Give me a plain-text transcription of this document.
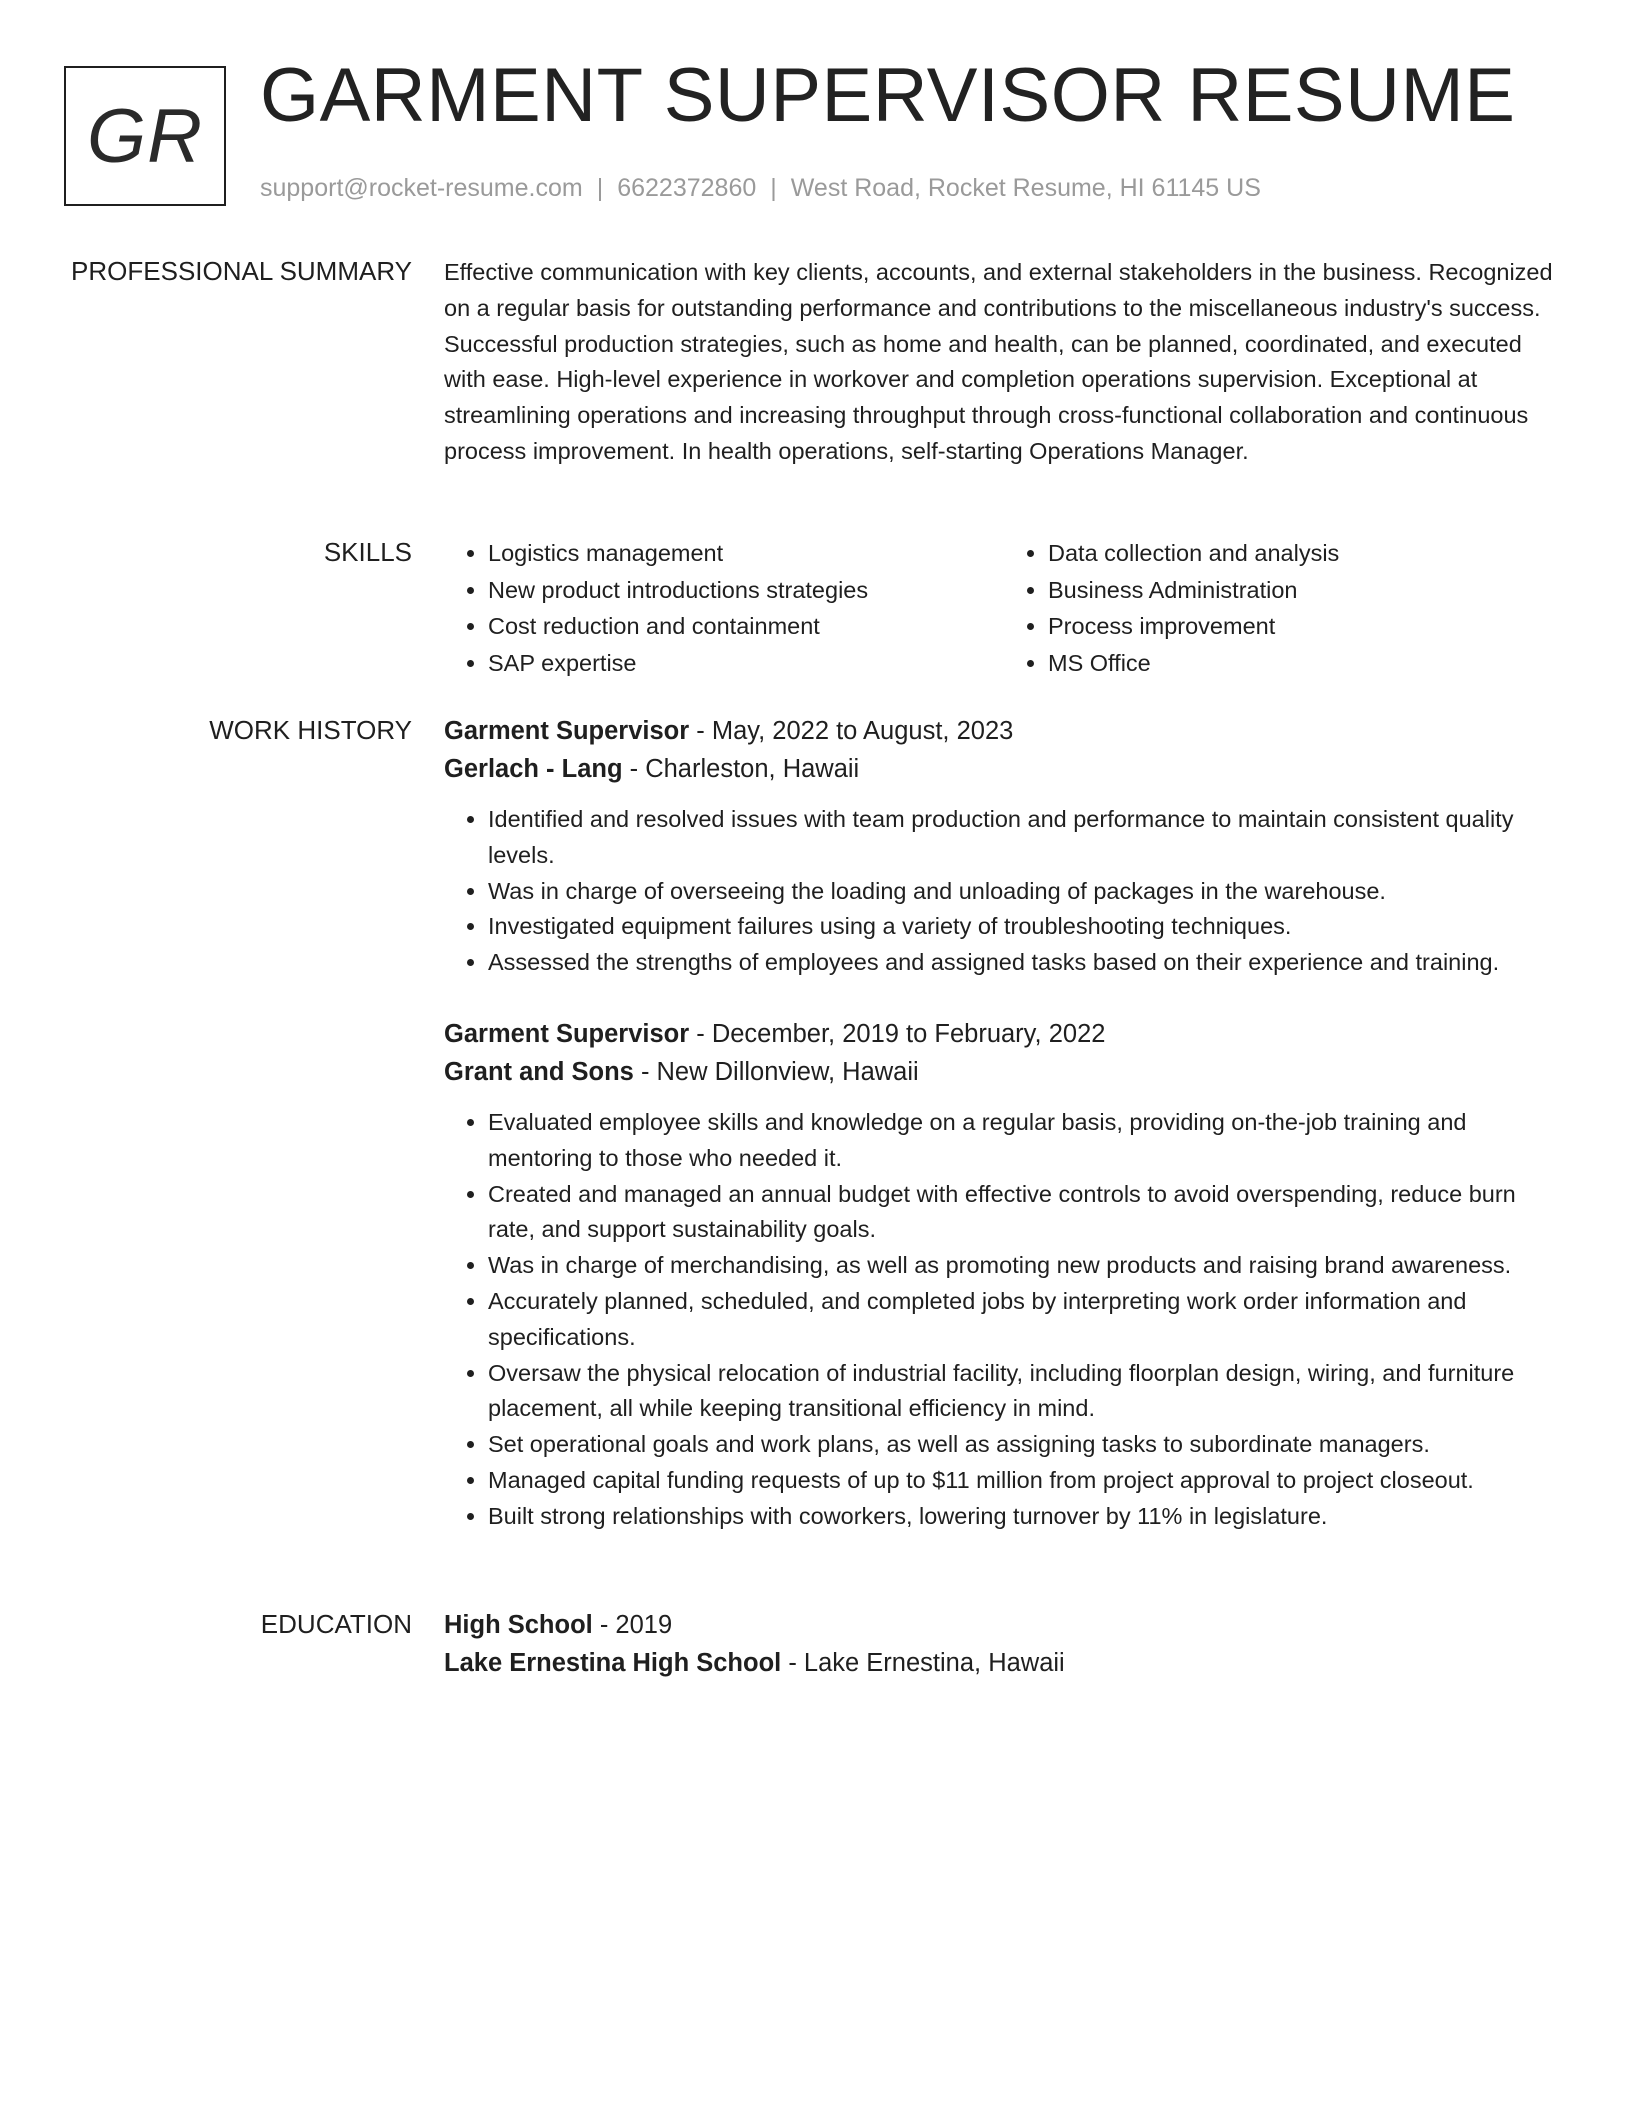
GR GARMENT SUPERVISOR RESUME
support@rocket-resume.com | 6622372860 | West Road, Rocket Resume, HI 61145 US
PROFESSIONAL SUMMARY Effective communication with key clients, accounts, and external stakeholders in the business. Recognized on a regular basis for outstanding performance and contributions to the miscellaneous industry's success. Successful production strategies, such as home and health, can be planned, coordinated, and executed with ease. High-level experience in workover and completion operations supervision. Exceptional at streamlining operations and increasing throughput through cross-functional collaboration and continuous process improvement. In health operations, self-starting Operations Manager.

SKILLS
•	Logistics management
• New product introductions strategies
• Cost reduction and containment
• SAP expertise
• Data collection and analysis
• Business Administration
• Process improvement
• MS Office
WORK HISTORY Garment Supervisor - May, 2022 to August, 2023
Gerlach - Lang - Charleston, Hawaii
• Identified and resolved issues with team production and performance to maintain consistent quality levels.
• Was in charge of overseeing the loading and unloading of packages in the warehouse.
• Investigated equipment failures using a variety of troubleshooting techniques.
• Assessed the strengths of employees and assigned tasks based on their experience and training.
Garment Supervisor - December, 2019 to February, 2022
Grant and Sons - New Dillonview, Hawaii
• Evaluated employee skills and knowledge on a regular basis, providing on-the-job training and mentoring to those who needed it.
• Created and managed an annual budget with effective controls to avoid overspending, reduce burn rate, and support sustainability goals.
• Was in charge of merchandising, as well as promoting new products and raising brand awareness.
• Accurately planned, scheduled, and completed jobs by interpreting work order information and specifications.
• Oversaw the physical relocation of industrial facility, including floorplan design, wiring, and furniture placement, all while keeping transitional efficiency in mind.
• Set operational goals and work plans, as well as assigning tasks to subordinate managers.
• Managed capital funding requests of up to $11 million from project approval to project closeout.
• Built strong relationships with coworkers, lowering turnover by 11% in legislature.
EDUCATION High School - 2019
Lake Ernestina High School - Lake Ernestina, Hawaii
